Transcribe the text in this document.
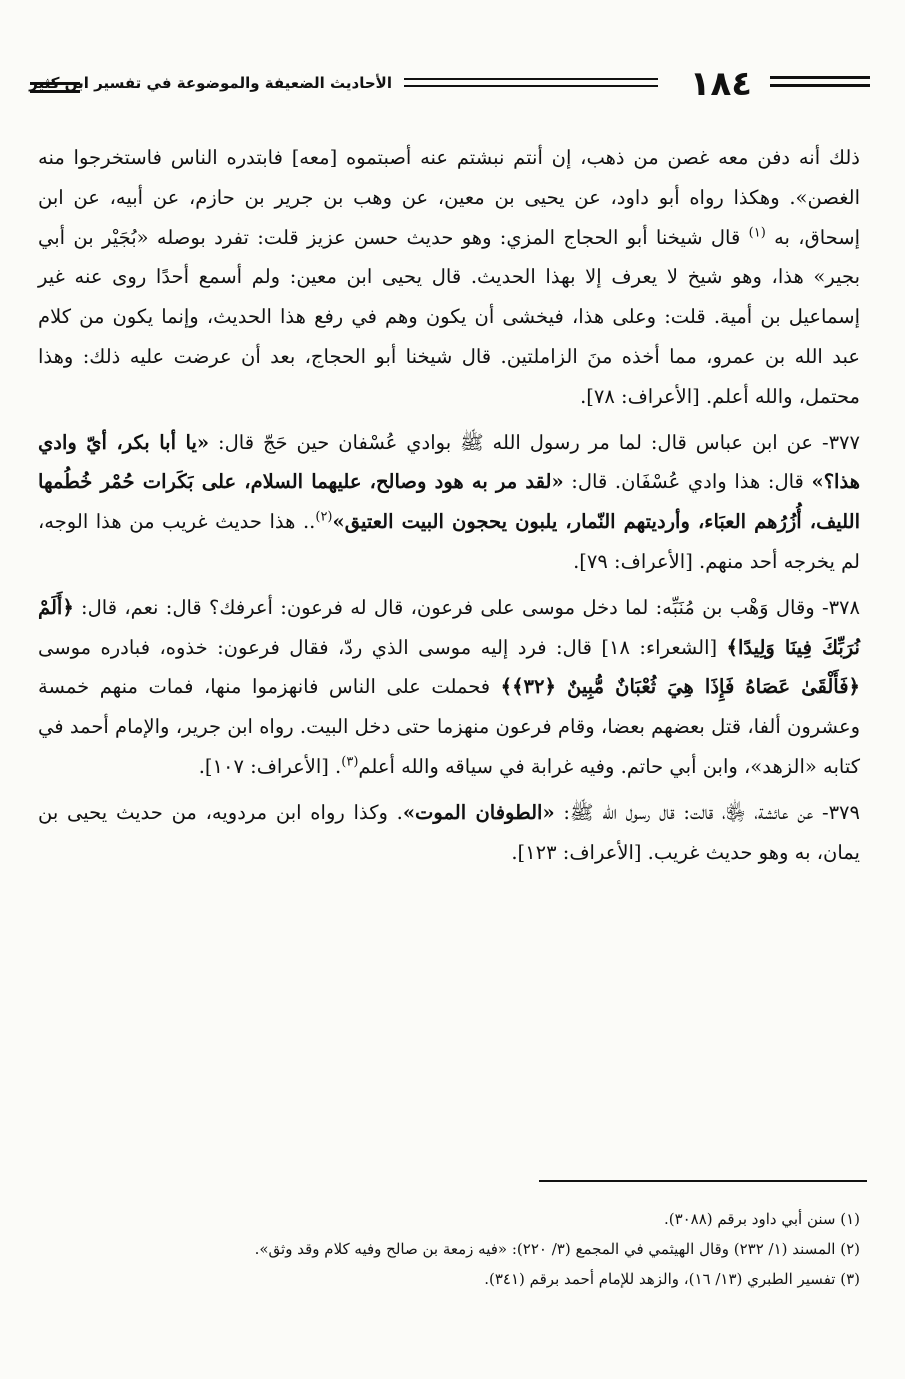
١٨٤
الأحاديث الضعيفة والموضوعة في تفسير ابن كثير

ذلك أنه دفن معه غصن من ذهب، إن أنتم نبشتم عنه أصبتموه [معه] فابتدره الناس فاستخرجوا منه الغصن». وهكذا رواه أبو داود، عن يحيى بن معين، عن وهب بن جرير بن حازم، عن أبيه، عن ابن إسحاق، به $^{(١)}$ قال شيخنا أبو الحجاج المزي: وهو حديث حسن عزيز قلت: تفرد بوصله «بُجَيْر بن أبي بجير» هذا، وهو شيخ لا يعرف إلا بهذا الحديث. قال يحيى ابن معين: ولم أسمع أحدًا روى عنه غير إسماعيل بن أمية. قلت: وعلى هذا، فيخشى أن يكون وهم في رفع هذا الحديث، وإنما يكون من كلام عبد الله بن عمرو، مما أخذه منَ الزاملتين. قال شيخنا أبو الحجاج، بعد أن عرضت عليه ذلك: وهذا محتمل، والله أعلم. [الأعراف: ٧٨].

٣٧٧- عن ابن عباس قال: لما مر رسول الله ﷺ بوادي عُسْفان حين حَجّ قال: «يا أبا بكر، أيّ وادي هذا؟» قال: هذا وادي عُسْفَان. قال: «لقد مر به هود وصالح، عليهما السلام، على بَكَرات حُمْر خُطُمها الليف، أُزُرُهم العبَاء، وأرديتهم النّمار، يلبون يحجون البيت العتيق»$^{(٢)}$.. هذا حديث غريب من هذا الوجه، لم يخرجه أحد منهم. [الأعراف: ٧٩].

٣٧٨- وقال وَهْب بن مُنَبِّه: لما دخل موسى على فرعون، قال له فرعون: أعرفك؟ قال: نعم، قال: ﴿أَلَمْ نُرَبِّكَ فِينَا وَلِيدًا﴾ [الشعراء: ١٨] قال: فرد إليه موسى الذي ردّ، فقال فرعون: خذوه، فبادره موسى ﴿فَأَلْقَىٰ عَصَاهُ فَإِذَا هِيَ ثُعْبَانٌ مُّبِينٌ ﴿٣٢﴾﴾ فحملت على الناس فانهزموا منها، فمات منهم خمسة وعشرون ألفا، قتل بعضهم بعضا، وقام فرعون منهزما حتى دخل البيت. رواه ابن جرير، والإمام أحمد في كتابه «الزهد»، وابن أبي حاتم. وفيه غرابة في سياقه والله أعلم$^{(٣)}$. [الأعراف: ١٠٧].

٣٧٩- عن عائشة، ﵂، قالت: قال رسول الله ﷺ: «الطوفان الموت». وكذا رواه ابن مردويه، من حديث يحيى بن يمان، به وهو حديث غريب. [الأعراف: ١٢٣].

(١) سنن أبي داود برقم (٣٠٨٨).
(٢) المسند (١/ ٢٣٢) وقال الهيثمي في المجمع (٣/ ٢٢٠): «فيه زمعة بن صالح وفيه كلام وقد وثق».
(٣) تفسير الطبري (١٣/ ١٦)، والزهد للإمام أحمد برقم (٣٤١).
